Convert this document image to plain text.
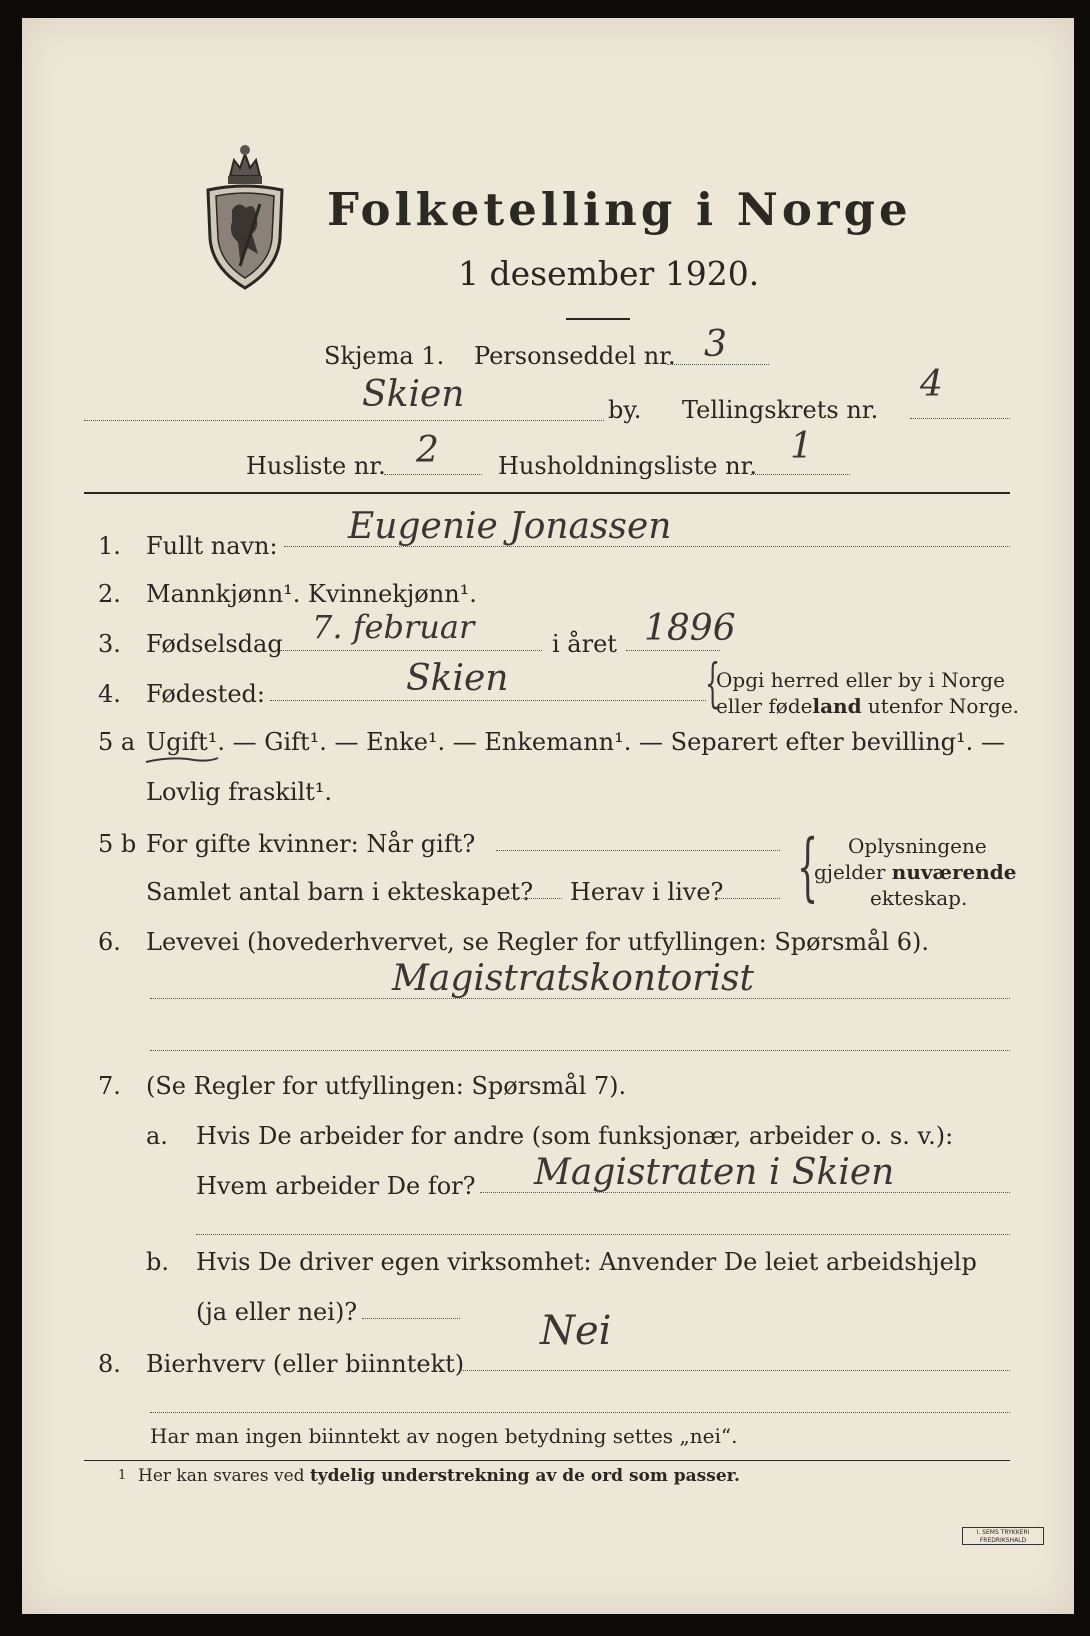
Folketelling i Norge
1 desember 1920.
Skjema 1. Personseddel nr. 3
Skien	by. Tellingskrets nr.
4
Husliste nr. 2 Husholdningsliste nr. 1
1. Fullt navn: Eugenie Jonassen
2. Mannkjønn¹. Kvinnekjønn¹.
3. Fødselsdag 7. februar	i året 1896
4. Fødested:	Skien	{
Opgi herred eller by i Norge
eller fødeland utenfor Norge.
5 a Ugift¹. — Gift¹. — Enke¹. — Enkemann¹. — Separert efter bevilling¹. —
Lovlig fraskilt¹.
5 b For gifte kvinner: Når gift?
Samlet antal barn i ekteskapet? Herav i live? { Oplysningene
gjelder nuværende
ekteskap.
6. Levevei (hovederhvervet, se Regler for utfyllingen: Spørsmål 6).
Magistratskontorist
7. (Se Regler for utfyllingen: Spørsmål 7).
a. Hvis De arbeider for andre (som funksjonær, arbeider o. s. v.):
Hvem arbeider De for? Magistraten i Skien
b. Hvis De driver egen virksomhet: Anvender De leiet arbeidshjelp
(ja eller nei)?
8. Bierhverv (eller biinntekt)
Nei
Har man ingen biinntekt av nogen betydning settes „nei“.
1 Her kan svares ved tydelig understrekning av de ord som passer.
I. SEMS TRYKKERI FREDRIKSHALD
